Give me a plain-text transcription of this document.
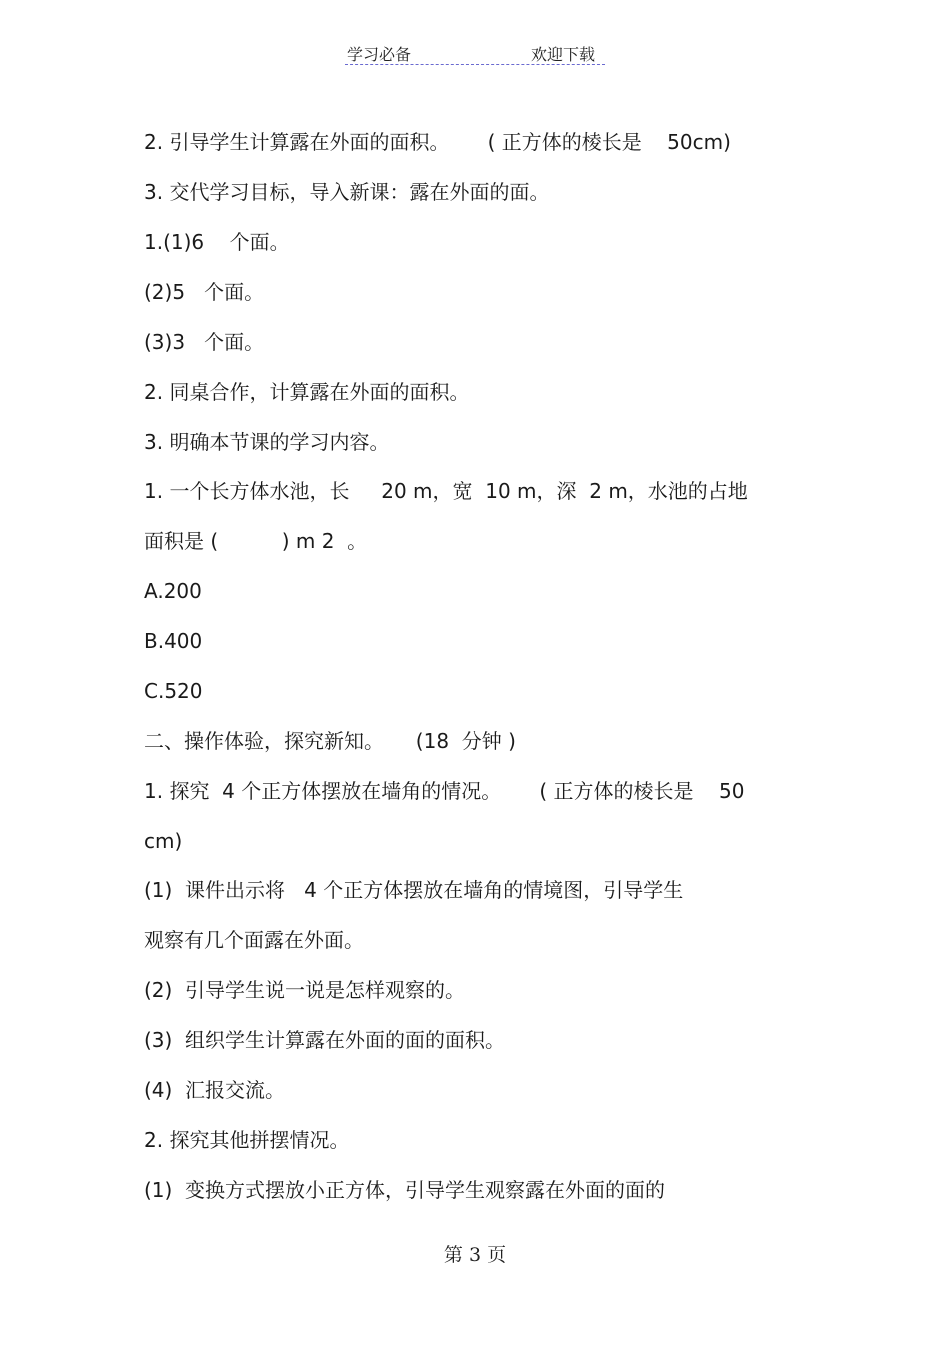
学习必备	欢迎下载
2. 引导学生计算露在外面的面积。      ( 正方体的棱长是    50cm)
3. 交代学习目标，导入新课：露在外面的面。
1.(1)6    个面。
(2)5   个面。
(3)3   个面。
2. 同桌合作，计算露在外面的面积。
3. 明确本节课的学习内容。
1. 一个长方体水池，长     20 m，宽  10 m，深  2 m，水池的占地
面积是 (          ) m 2  。
A.200
B.400
C.520
二、操作体验，探究新知。     (18  分钟 )
1. 探究  4 个正方体摆放在墙角的情况。      ( 正方体的棱长是    50
cm)
(1)  课件出示将   4 个正方体摆放在墙角的情境图，引导学生
观察有几个面露在外面。
(2)  引导学生说一说是怎样观察的。
(3)  组织学生计算露在外面的面的面积。
(4)  汇报交流。
2. 探究其他拼摆情况。
(1)  变换方式摆放小正方体，引导学生观察露在外面的面的
第 3 页
